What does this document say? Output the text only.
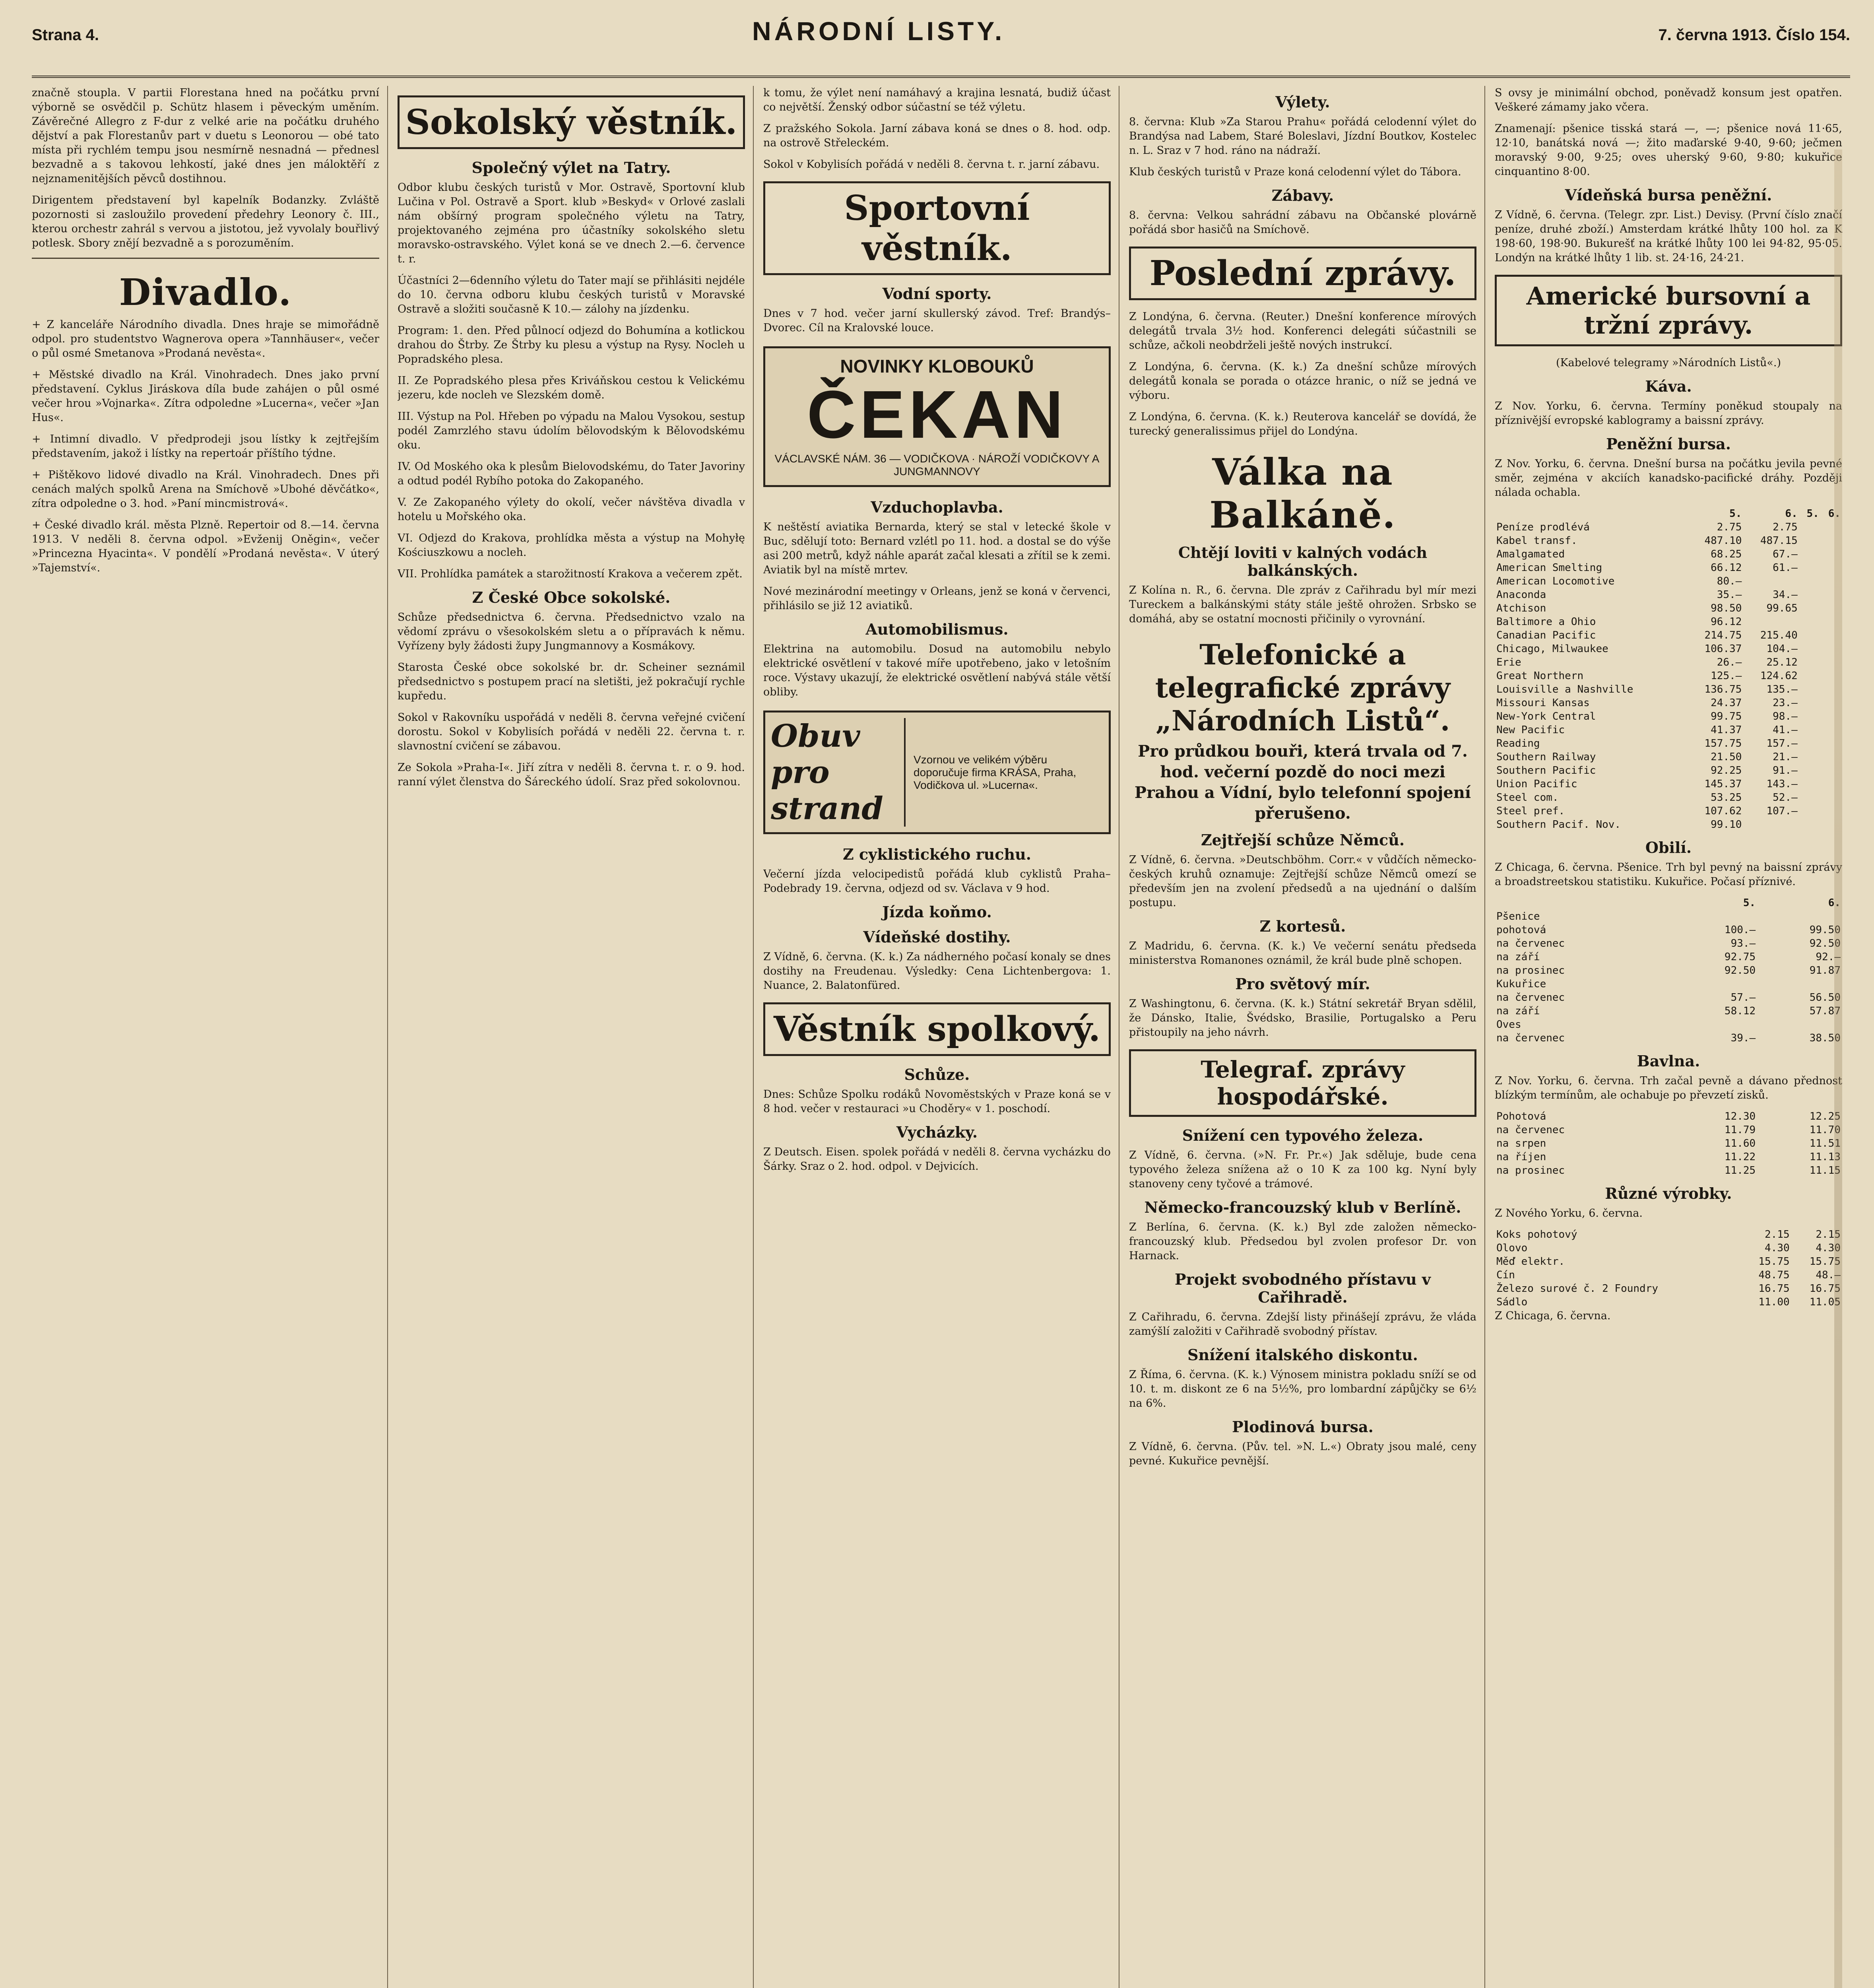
Strana 4.	NÁRODNÍ LISTY.	7. června 1913. Číslo 154.

značně stoupla. V partii Florestana hned na počátku první výborně se osvědčil p. Schütz hlasem i pěveckým uměním. Závěrečné Allegro z F-dur z velké arie na počátku druhého dějství a pak Florestanův part v duetu s Leonorou — obé tato místa při rychlém tempu jsou nesmírně nesnadná — přednesl bezvadně a s takovou lehkostí, jaké dnes jen máloktěří z nejznamenitějších pěvců dostihnou.

Dirigentem představení byl kapelník Bodanzky. Zvláště pozornosti si zasloužilo provedení předehry Leonory č. III., kterou orchestr zahrál s vervou a jistotou, jež vyvolaly bouřlivý potlesk. Sbory znějí bezvadně a s porozuměním.

Divadlo.

+ Z kanceláře Národního divadla. Dnes hraje se mimořádně odpol. pro studentstvo Wagnerova opera »Tannhäuser«, večer o půl osmé Smetanova »Prodaná nevěsta«.

+ Městské divadlo na Král. Vinohradech. Dnes jako první představení. Cyklus Jiráskova díla bude zahájen o půl osmé večer hrou »Vojnarka«. Zítra odpoledne »Lucerna«, večer »Jan Hus«.

+ Intimní divadlo. V předprodeji jsou lístky k zejtřejším představením, jakož i lístky na repertoár příštího týdne.

+ Pištěkovo lidové divadlo na Král. Vinohradech. Dnes při cenách malých spolků Arena na Smíchově »Ubohé děvčátko«, zítra odpoledne o 3. hod. »Paní mincmistrová«.

+ České divadlo král. města Plzně. Repertoir od 8.—14. června 1913. V neděli 8. června odpol. »Evženij Oněgin«, večer »Princezna Hyacinta«. V pondělí »Prodaná nevěsta«. V úterý »Tajemství«.

Sokolský věstník.
Společný výlet na Tatry.

Odbor klubu českých turistů v Mor. Ostravě, Sportovní klub Lučina v Pol. Ostravě a Sport. klub »Beskyd« v Orlové zaslali nám obšírný program společného výletu na Tatry, projektovaného zejména pro účastníky sokolského sletu moravsko-ostravského. Výlet koná se ve dnech 2.—6. července t. r.

Účastníci 2—6denního výletu do Tater mají se přihlásiti nejdéle do 10. června odboru klubu českých turistů v Moravské Ostravě a složiti současně K 10.— zálohy na jízdenku.

Program: 1. den. Před půlnocí odjezd do Bohumína a kotlickou drahou do Štrby. Ze Štrby ku plesu a výstup na Rysy. Nocleh u Popradského plesa.

II. Ze Popradského plesa přes Kriváňskou cestou k Velickému jezeru, kde nocleh ve Slezském domě.

III. Výstup na Pol. Hřeben po výpadu na Malou Vysokou, sestup podél Zamrzlého stavu údolím bělovodským k Bělovodskému oku.

IV. Od Moského oka k plesům Bielovodskému, do Tater Javoriny a odtud podél Rybího potoka do Zakopaného.

V. Ze Zakopaného výlety do okolí, večer návštěva divadla v hotelu u Mořského oka.

VI. Odjezd do Krakova, prohlídka města a výstup na Mohyłę Kościuszkowu a nocleh.

VII. Prohlídka památek a starožitností Krakova a večerem zpět.

Z České Obce sokolské.

Schůze předsednictva 6. června. Předsednictvo vzalo na vědomí zprávu o všesokolském sletu a o přípravách k němu. Vyřízeny byly žádosti župy Jungmannovy a Kosmákovy.

Starosta České obce sokolské br. dr. Scheiner seznámil předsednictvo s postupem prací na sletišti, jež pokračují rychle kupředu.

Sokol v Rakovníku uspořádá v neděli 8. června veřejné cvičení dorostu. Sokol v Kobylisích pořádá v neděli 22. června t. r. slavnostní cvičení se zábavou.

Ze Sokola »Praha-I«. Jiří zítra v neděli 8. června t. r. o 9. hod. ranní výlet členstva do Šáreckého údolí. Sraz před sokolovnou.

k tomu, že výlet není namáhavý a krajina lesnatá, budiž účast co největší. Ženský odbor súčastní se též výletu.

Z pražského Sokola. Jarní zábava koná se dnes o 8. hod. odp. na ostrově Střeleckém.

Sokol v Kobylisích pořádá v neděli 8. června t. r. jarní zábavu.

Sportovní věstník.
Vodní sporty.

Dnes v 7 hod. večer jarní skullerský závod. Tref: Brandýs–Dvorec. Cíl na Kralovské louce.

NOVINKY KLOBOUKŮ
ČEKAN
VÁCLAVSKÉ NÁM. 36 — VODIČKOVA · NÁROŽÍ VODIČKOVY A JUNGMANNOVY
Vzduchoplavba.

K neštěstí aviatika Bernarda, který se stal v letecké škole v Buc, sdělují toto: Bernard vzlétl po 11. hod. a dostal se do výše asi 200 metrů, když náhle aparát začal klesati a zřítil se k zemi. Aviatik byl na místě mrtev.

Nové mezinárodní meetingy v Orleans, jenž se koná v červenci, přihlásilo se již 12 aviatiků.

Automobilismus.

Elektrina na automobilu. Dosud na automobilu nebylo elektrické osvětlení v takové míře upotřebeno, jako v letošním roce. Výstavy ukazují, že elektrické osvětlení nabývá stále větší obliby.

Obuv pro strand
Vzornou ve velikém výběru doporučuje firma KRÁSA, Praha, Vodičkova ul. »Lucerna«.
Z cyklistického ruchu.

Večerní jízda velocipedistů pořádá klub cyklistů Praha–Podebrady 19. června, odjezd od sv. Václava v 9 hod.

Jízda koňmo.
Vídeňské dostihy.

Z Vídně, 6. června. (K. k.) Za nádherného počasí konaly se dnes dostihy na Freudenau. Výsledky: Cena Lichtenbergova: 1. Nuance, 2. Balatonfüred.

Věstník spolkový.
Schůze.

Dnes: Schůze Spolku rodáků Novoměstských v Praze koná se v 8 hod. večer v restauraci »u Choděry« v 1. poschodí.

Vycházky.

Z Deutsch. Eisen. spolek pořádá v neděli 8. června vycházku do Šárky. Sraz o 2. hod. odpol. v Dejvicích.

Výlety.

8. června: Klub »Za Starou Prahu« pořádá celodenní výlet do Brandýsa nad Labem, Staré Boleslavi, Jízdní Boutkov, Kostelec n. L. Sraz v 7 hod. ráno na nádraží.

Klub českých turistů v Praze koná celodenní výlet do Tábora.

Zábavy.

8. června: Velkou sahrádní zábavu na Občanské plovárně pořádá sbor hasičů na Smíchově.

Poslední zprávy.

Z Londýna, 6. června. (Reuter.) Dnešní konference mírových delegátů trvala 3½ hod. Konferenci delegáti súčastnili se schůze, ačkoli neobdrželi ještě nových instrukcí.

Z Londýna, 6. června. (K. k.) Za dnešní schůze mírových delegátů konala se porada o otázce hranic, o níž se jedná ve výboru.

Z Londýna, 6. června. (K. k.) Reuterova kancelář se dovídá, že turecký generalissimus přijel do Londýna.

Válka na Balkáně.
Chtějí loviti v kalných vodách balkánských.

Z Kolína n. R., 6. června. Dle zpráv z Cařihradu byl mír mezi Tureckem a balkánskými státy stále ještě ohrožen. Srbsko se domáhá, aby se ostatní mocnosti přičinily o vyrovnání.

Telefonické a telegrafické zprávy „Národních Listů“.

Pro průdkou bouři, která trvala od 7. hod. večerní pozdě do noci mezi Prahou a Vídní, bylo telefonní spojení přerušeno.

Zejtřejší schůze Němců.

Z Vídně, 6. června. »Deutschböhm. Corr.« v vůdčích německo-českých kruhů oznamuje: Zejtřejší schůze Němců omezí se především jen na zvolení předsedů a na ujednání o dalším postupu.

Z kortesů.

Z Madridu, 6. června. (K. k.) Ve večerní senátu předseda ministerstva Romanones oznámil, že král bude plně schopen.

Pro světový mír.

Z Washingtonu, 6. června. (K. k.) Státní sekretář Bryan sdělil, že Dánsko, Italie, Švédsko, Brasilie, Portugalsko a Peru přistoupily na jeho návrh.

Telegraf. zprávy hospodářské.
Snížení cen typového železa.

Z Vídně, 6. června. (»N. Fr. Pr.«) Jak sděluje, bude cena typového železa snížena až o 10 K za 100 kg. Nyní byly stanoveny ceny tyčové a trámové.

Německo-francouzský klub v Berlíně.

Z Berlína, 6. června. (K. k.) Byl zde založen německo-francouzský klub. Předsedou byl zvolen profesor Dr. von Harnack.

Projekt svobodného přístavu v Cařihradě.

Z Cařihradu, 6. června. Zdejší listy přinášejí zprávu, že vláda zamýšlí založiti v Cařihradě svobodný přístav.

Snížení italského diskontu.

Z Říma, 6. června. (K. k.) Výnosem ministra pokladu sníží se od 10. t. m. diskont ze 6 na 5½%, pro lombardní zápůjčky se 6½ na 6%.

Plodinová bursa.

Z Vídně, 6. června. (Pův. tel. »N. L.«) Obraty jsou malé, ceny pevné. Kukuřice pevnější.

S ovsy je minimální obchod, poněvadž konsum jest opatřen. Veškeré zámamy jako včera.

Znamenají: pšenice tisská stará —, —; pšenice nová 11·65, 12·10, banátská nová —; žito maďarské 9·40, 9·60; ječmen moravský 9·00, 9·25; oves uherský 9·60, 9·80; kukuřice cinquantino 8·00.

Vídeňská bursa peněžní.

Z Vídně, 6. června. (Telegr. zpr. List.) Devisy. (První číslo značí peníze, druhé zboží.) Amsterdam krátké lhůty 100 hol. za K 198·60, 198·90. Bukurešť na krátké lhůty 100 lei 94·82, 95·05. Londýn na krátké lhůty 1 lib. st. 24·16, 24·21.

Americké bursovní a tržní zprávy.

(Kabelové telegramy »Národních Listů«.)

Káva.

Z Nov. Yorku, 6. června. Termíny poněkud stoupaly na příznivější evropské kablogramy a baissní zprávy.

Peněžní bursa.

Z Nov. Yorku, 6. června. Dnešní bursa na počátku jevila pevné směr, zejména v akciích kanadsko-pacifické dráhy. Později nálada ochabla.

	5.	6.	5.	6.
Peníze prodlévá	2.75	2.75		
Kabel transf.	487.10	487.15		
Amalgamated	68.25	67.—		
American Smelting	66.12	61.—		
American Locomotive	80.—			
Anaconda	35.—	34.—		
Atchison	98.50	99.65		
Baltimore a Ohio	96.12			
Canadian Pacific	214.75	215.40		
Chicago, Milwaukee	106.37	104.—		
Erie	26.—	25.12		
Great Northern	125.—	124.62		
Louisville a Nashville	136.75	135.—		
Missouri Kansas	24.37	23.—		
New-York Central	99.75	98.—		
New Pacific	41.37	41.—		
Reading	157.75	157.—		
Southern Railway	21.50	21.—		
Southern Pacific	92.25	91.—		
Union Pacific	145.37	143.—		
Steel com.	53.25	52.—		
Steel pref.	107.62	107.—		
Southern Pacif. Nov.	99.10			
Obilí.

Z Chicaga, 6. června. Pšenice. Trh byl pevný na baissní zprávy a broadstreetskou statistiku. Kukuřice. Počasí příznivé.

	5.	6.
Pšenice		
pohotová	100.—	99.50
na červenec	93.—	92.50
na září	92.75	92.—
na prosinec	92.50	91.87
Kukuřice		
na červenec	57.—	56.50
na září	58.12	57.87
Oves		
na červenec	39.—	38.50
Bavlna.

Z Nov. Yorku, 6. června. Trh začal pevně a dávano přednost blízkým termínům, ale ochabuje po převzetí zisků.

Pohotová	12.30	12.25
na červenec	11.79	11.70
na srpen	11.60	11.51
na říjen	11.22	11.13
na prosinec	11.25	11.15
Různé výrobky.

Z Nového Yorku, 6. června.

Koks pohotový	2.15	2.15
Olovo	4.30	4.30
Měď elektr.	15.75	15.75
Cín	48.75	48.—
Železo surové č. 2 Foundry	16.75	16.75
Sádlo	11.00	11.05

Z Chicaga, 6. června.
